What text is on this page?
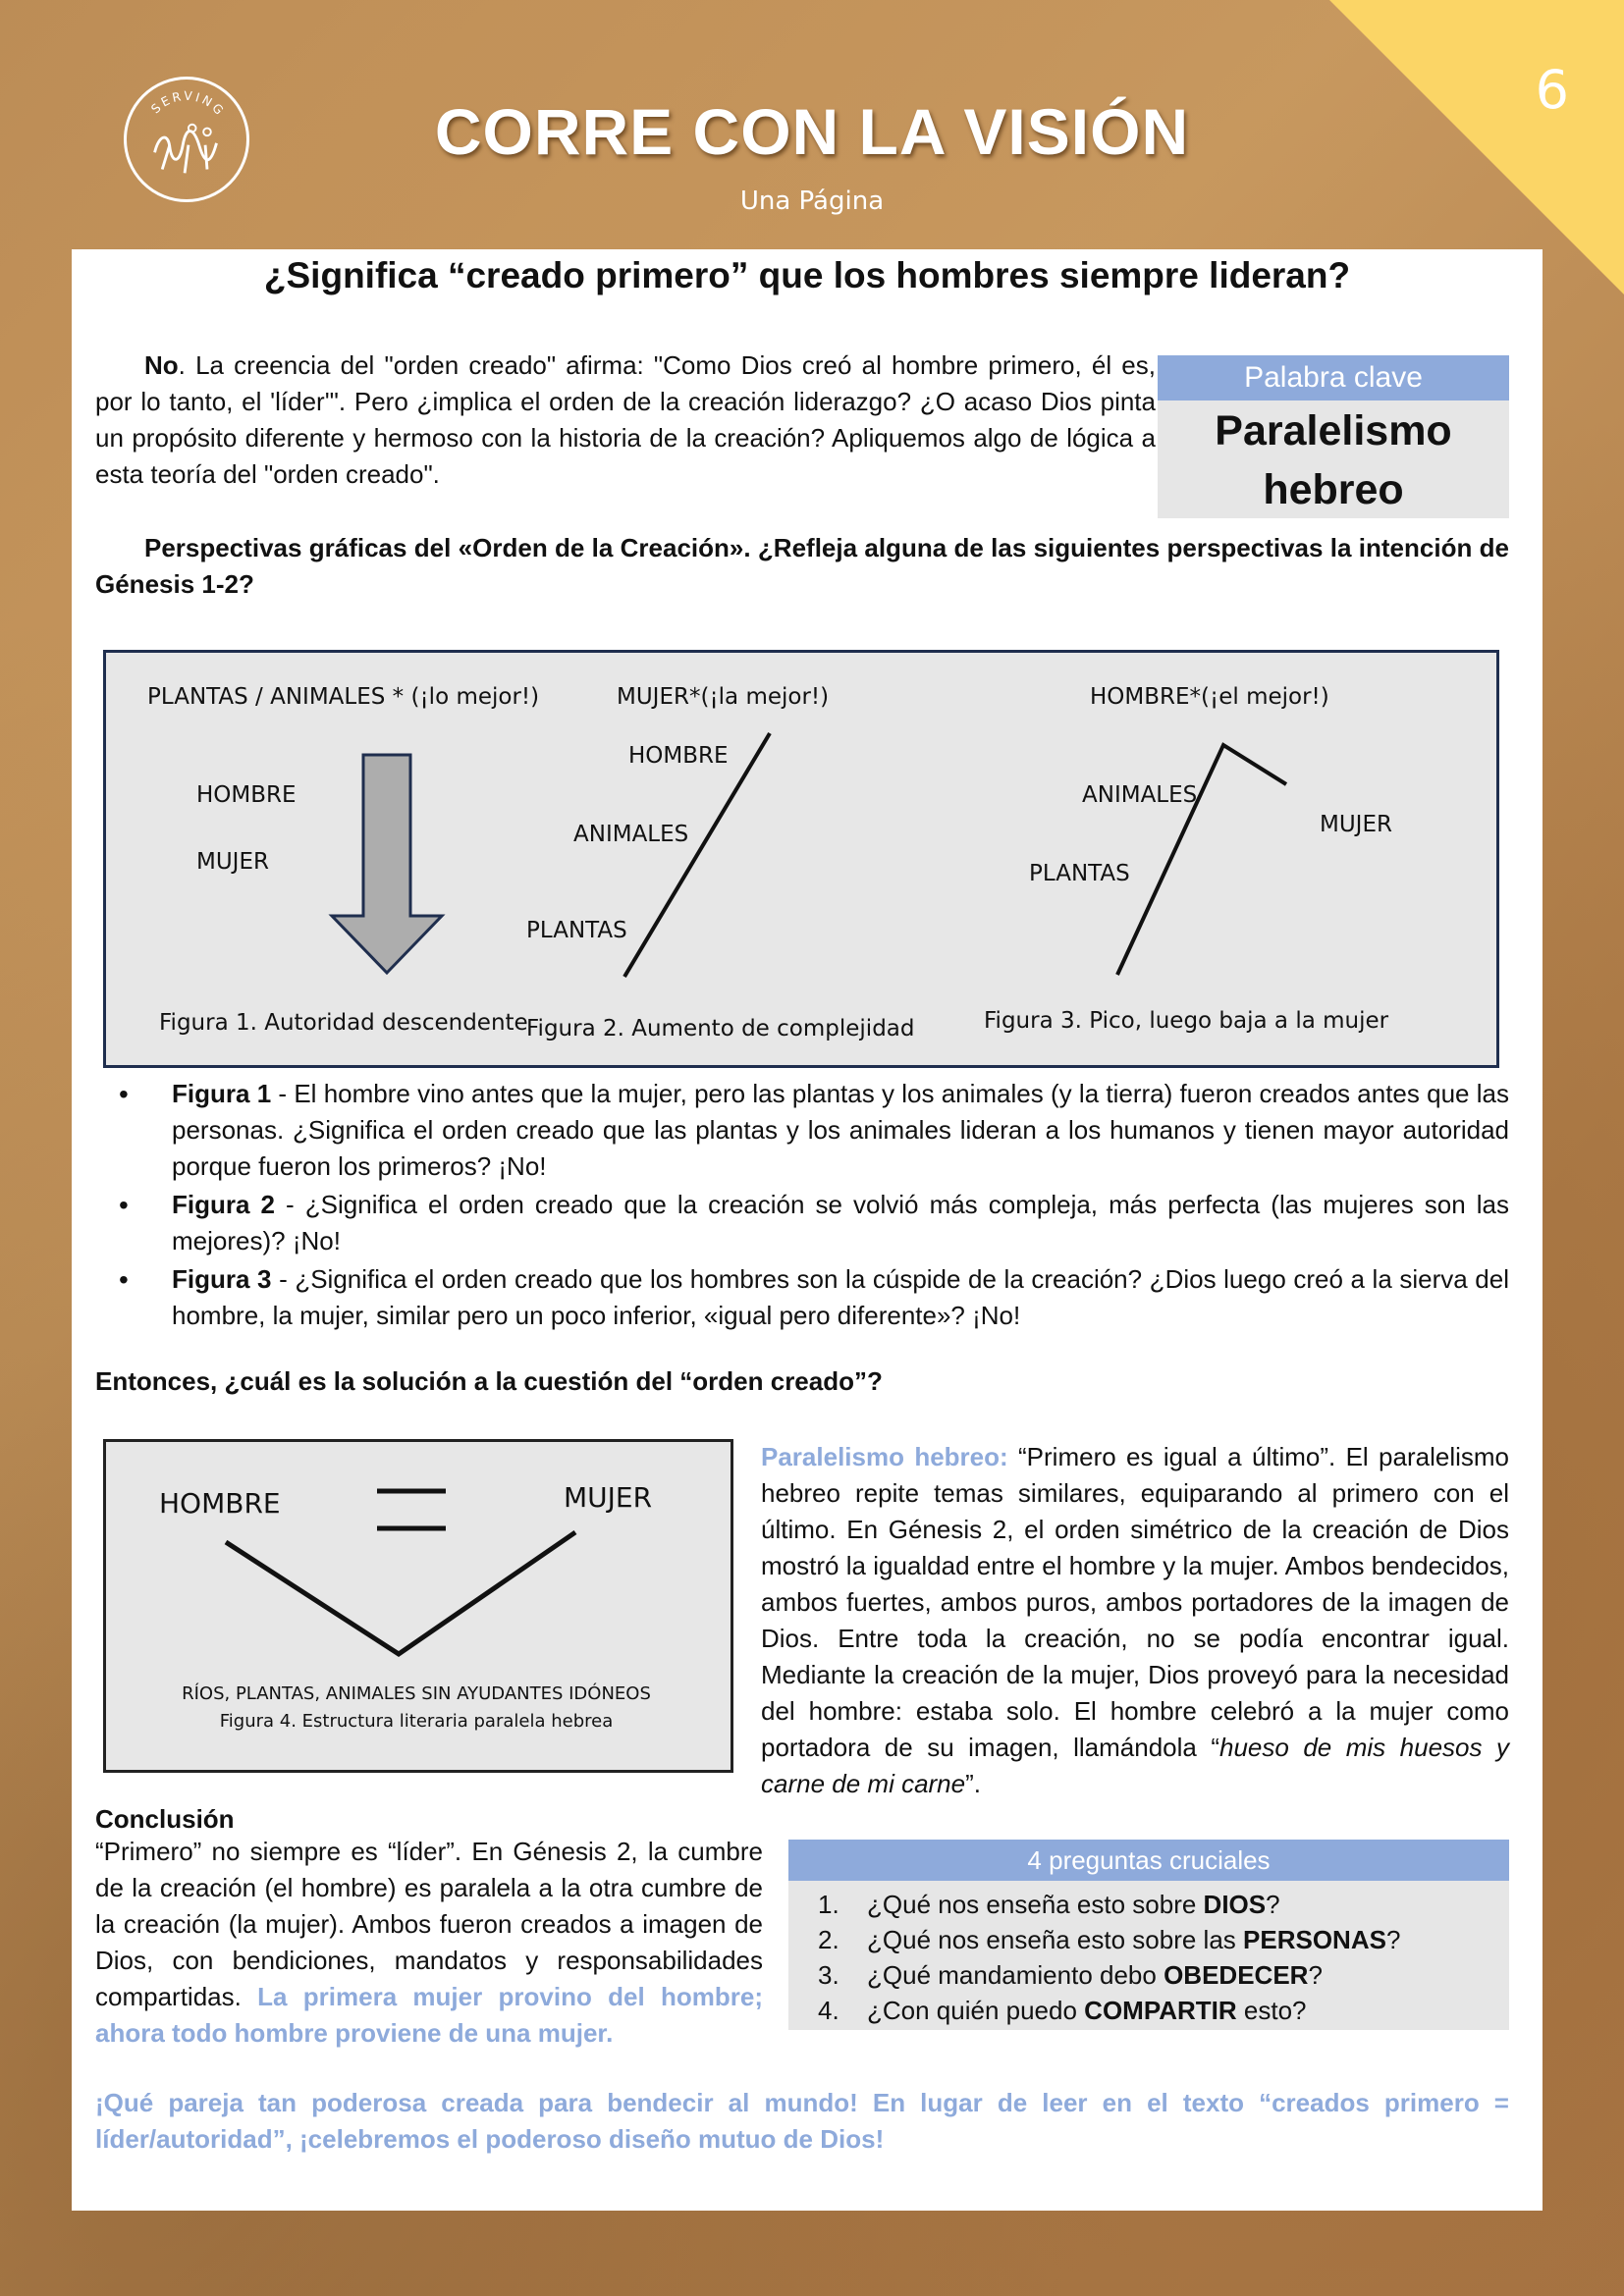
6
SERVING	CORRE CON LA VISIÓN
Una Página
¿Significa “creado primero” que los hombres siempre lideran?

No. La creencia del "orden creado" afirma: "Como Dios creó al hombre primero, él es, por lo tanto, el 'líder'". Pero ¿implica el orden de la creación liderazgo? ¿O acaso Dios pinta un propósito diferente y hermoso con la historia de la creación? Apliquemos algo de lógica a esta teoría del "orden creado".

Palabra clave
Paralelismo
hebreo

Perspectivas gráficas del «Orden de la Creación». ¿Refleja alguna de las siguientes perspectivas la intención de Génesis 1-2?

PLANTAS / ANIMALES * (¡lo mejor!)
HOMBRE
MUJER
Figura 1. Autoridad descendente
MUJER*(¡la mejor!)
HOMBRE
ANIMALES
PLANTAS
Figura 2. Aumento de complejidad
HOMBRE*(¡el mejor!)
ANIMALES
MUJER
PLANTAS
Figura 3. Pico, luego baja a la mujer
• Figura 1 - El hombre vino antes que la mujer, pero las plantas y los animales (y la tierra) fueron creados antes que las personas. ¿Significa el orden creado que las plantas y los animales lideran a los humanos y tienen mayor autoridad porque fueron los primeros? ¡No!
• Figura 2 - ¿Significa el orden creado que la creación se volvió más compleja, más perfecta (las mujeres son las mejores)? ¡No!
• Figura 3 - ¿Significa el orden creado que los hombres son la cúspide de la creación? ¿Dios luego creó a la sierva del hombre, la mujer, similar pero un poco inferior, «igual pero diferente»? ¡No!
Entonces, ¿cuál es la solución a la cuestión del “orden creado”?
HOMBRE	MUJER
RÍOS, PLANTAS, ANIMALES SIN AYUDANTES IDÓNEOS
Figura 4. Estructura literaria paralela hebrea

Paralelismo hebreo: “Primero es igual a último”. El paralelismo hebreo repite temas similares, equiparando al primero con el último. En Génesis 2, el orden simétrico de la creación de Dios mostró la igualdad entre el hombre y la mujer. Ambos bendecidos, ambos fuertes, ambos puros, ambos portadores de la imagen de Dios. Entre toda la creación, no se podía encontrar igual. Mediante la creación de la mujer, Dios proveyó para la necesidad del hombre: estaba solo. El hombre celebró a la mujer como portadora de su imagen, llamándola “hueso de mis huesos y carne de mi carne”.

Conclusión

“Primero” no siempre es “líder”. En Génesis 2, la cumbre de la creación (el hombre) es paralela a la otra cumbre de la creación (la mujer). Ambos fueron creados a imagen de Dios, con bendiciones, mandatos y responsabilidades compartidas. La primera mujer provino del hombre; ahora todo hombre proviene de una mujer.

4 preguntas cruciales
1. ¿Qué nos enseña esto sobre DIOS?
2. ¿Qué nos enseña esto sobre las PERSONAS?
3. ¿Qué mandamiento debo OBEDECER?
4. ¿Con quién puedo COMPARTIR esto?

¡Qué pareja tan poderosa creada para bendecir al mundo! En lugar de leer en el texto “creados primero = líder/autoridad”, ¡celebremos el poderoso diseño mutuo de Dios!
